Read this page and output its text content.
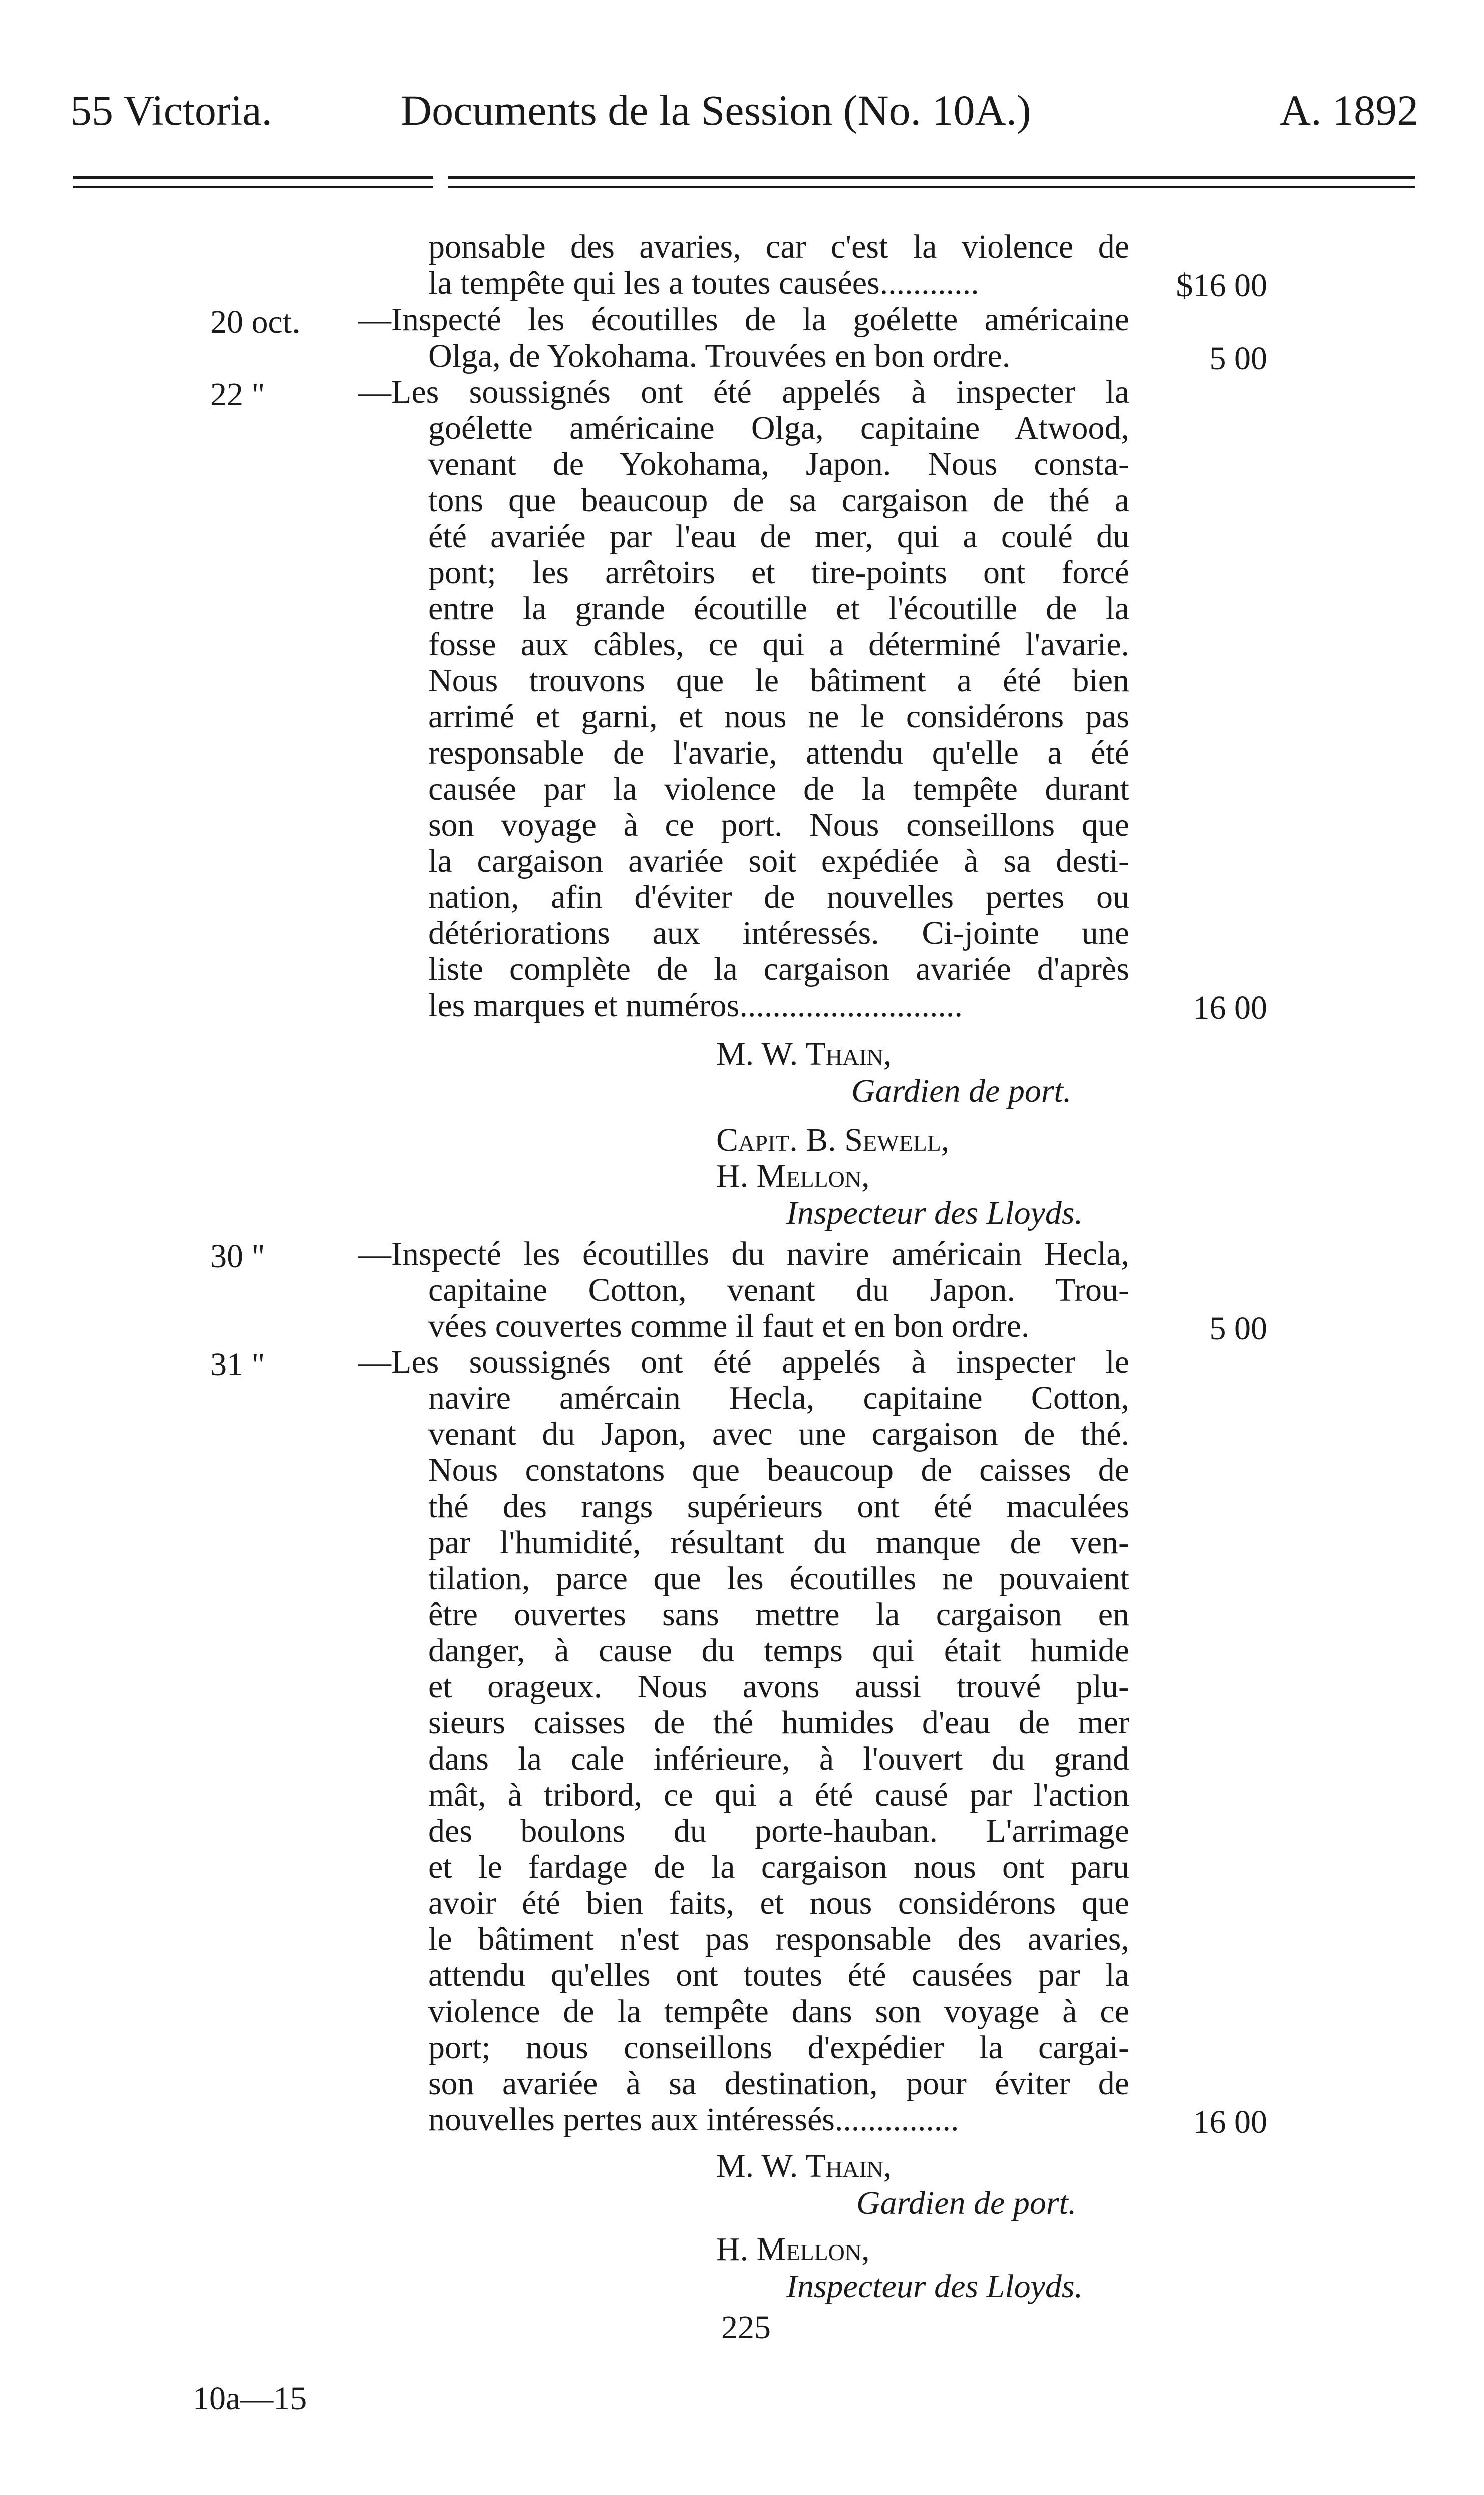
55 Victoria.	Documents de la Session (No. 10A.)	A. 1892
ponsable des avaries, car c'est la violence de
la tempête qui les a toutes causées............	$16 00
20 oct. —Inspecté les écoutilles de la goélette américaine
Olga, de Yokohama. Trouvées en bon ordre.	5 00
22 "	—Les soussignés ont été appelés à inspecter la
goélette américaine Olga, capitaine Atwood,
venant de Yokohama, Japon. Nous consta-
tons que beaucoup de sa cargaison de thé a
été avariée par l'eau de mer, qui a coulé du
pont; les arrêtoirs et tire-points ont forcé
entre la grande écoutille et l'écoutille de la
fosse aux câbles, ce qui a déterminé l'avarie.
Nous trouvons que le bâtiment a été bien
arrimé et garni, et nous ne le considérons pas
responsable de l'avarie, attendu qu'elle a été
causée par la violence de la tempête durant
son voyage à ce port. Nous conseillons que
la cargaison avariée soit expédiée à sa desti-
nation, afin d'éviter de nouvelles pertes ou
détériorations aux intéressés. Ci-jointe une
liste complète de la cargaison avariée d'après
les marques et numéros...........................	16 00
M. W. Thain,
Gardien de port.
Capit. B. Sewell,
H. Mellon,
Inspecteur des Lloyds.
30 "	—Inspecté les écoutilles du navire américain Hecla,
capitaine Cotton, venant du Japon. Trou-
vées couvertes comme il faut et en bon ordre.	5 00
31 "	—Les soussignés ont été appelés à inspecter le
navire amércain Hecla, capitaine Cotton,
venant du Japon, avec une cargaison de thé.
Nous constatons que beaucoup de caisses de
thé des rangs supérieurs ont été maculées
par l'humidité, résultant du manque de ven-
tilation, parce que les écoutilles ne pouvaient
être ouvertes sans mettre la cargaison en
danger, à cause du temps qui était humide
et orageux. Nous avons aussi trouvé plu-
sieurs caisses de thé humides d'eau de mer
dans la cale inférieure, à l'ouvert du grand
mât, à tribord, ce qui a été causé par l'action
des boulons du porte-hauban. L'arrimage
et le fardage de la cargaison nous ont paru
avoir été bien faits, et nous considérons que
le bâtiment n'est pas responsable des avaries,
attendu qu'elles ont toutes été causées par la
violence de la tempête dans son voyage à ce
port; nous conseillons d'expédier la cargai-
son avariée à sa destination, pour éviter de
nouvelles pertes aux intéressés...............	16 00
M. W. Thain,
Gardien de port.
H. Mellon,
Inspecteur des Lloyds.
225
10a—15
